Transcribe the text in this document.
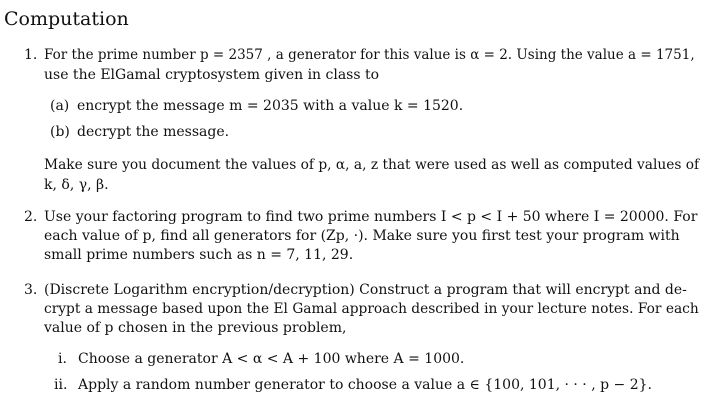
Computation
1. For the prime number p = 2357 , a generator for this value is α = 2. Using the value a = 1751,
use the ElGamal cryptosystem given in class to
(a) encrypt the message m = 2035 with a value k = 1520.
(b) decrypt the message.
Make sure you document the values of p, α, a, z that were used as well as computed values of
k, δ, γ, β.
2. Use your factoring program to find two prime numbers I < p < I + 50 where I = 20000. For
each value of p, find all generators for (Zp, ·). Make sure you first test your program with
small prime numbers such as n = 7, 11, 29.
3. (Discrete Logarithm encryption/decryption) Construct a program that will encrypt and de-
crypt a message based upon the El Gamal approach described in your lecture notes. For each
value of p chosen in the previous problem,
i. Choose a generator A < α < A + 100 where A = 1000.
ii. Apply a random number generator to choose a value a ∈ {100, 101, · · · , p − 2}.
